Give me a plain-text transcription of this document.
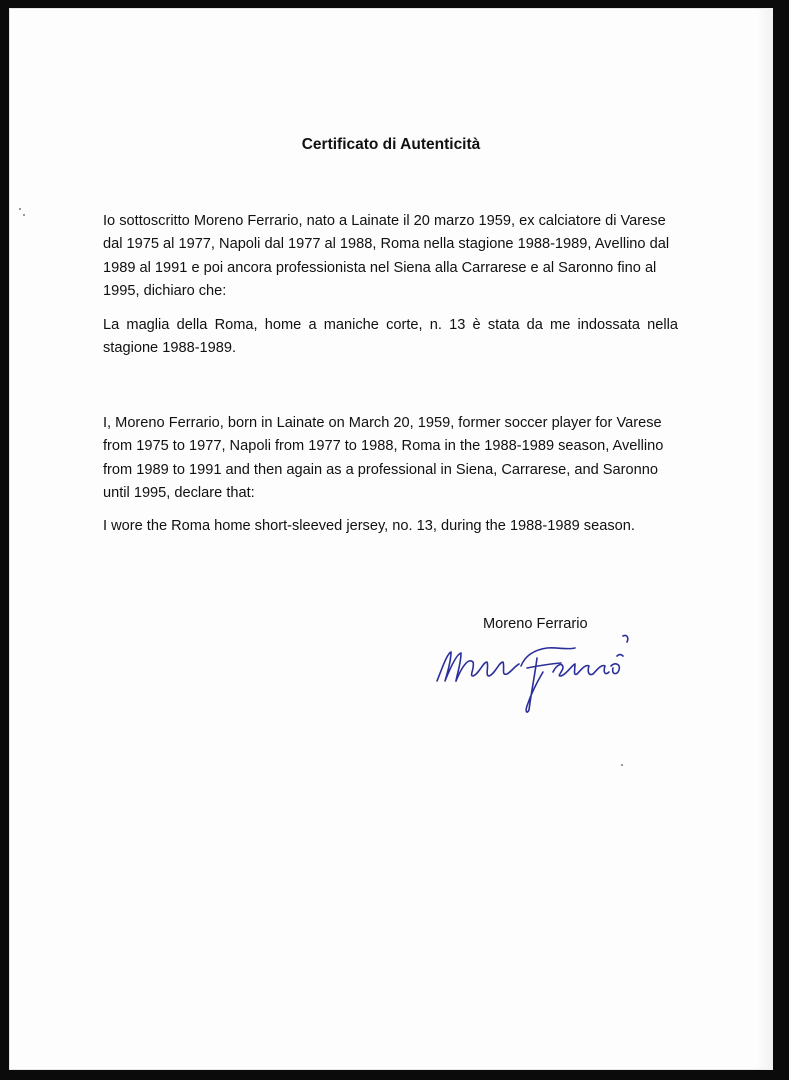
Certificato di Autenticità

Io sottoscritto Moreno Ferrario, nato a Lainate il 20 marzo 1959, ex calciatore di Varese dal 1975 al 1977, Napoli dal 1977 al 1988, Roma nella stagione 1988-1989, Avellino dal 1989 al 1991 e poi ancora professionista nel Siena alla Carrarese e al Saronno fino al 1995, dichiaro che:

La maglia della Roma, home a maniche corte, n. 13 è stata da me indossata nella stagione 1988-1989.

I, Moreno Ferrario, born in Lainate on March 20, 1959, former soccer player for Varese from 1975 to 1977, Napoli from 1977 to 1988, Roma in the 1988-1989 season, Avellino from 1989 to 1991 and then again as a professional in Siena, Carrarese, and Saronno until 1995, declare that:

I wore the Roma home short-sleeved jersey, no. 13, during the 1988-1989 season.

Moreno Ferrario
